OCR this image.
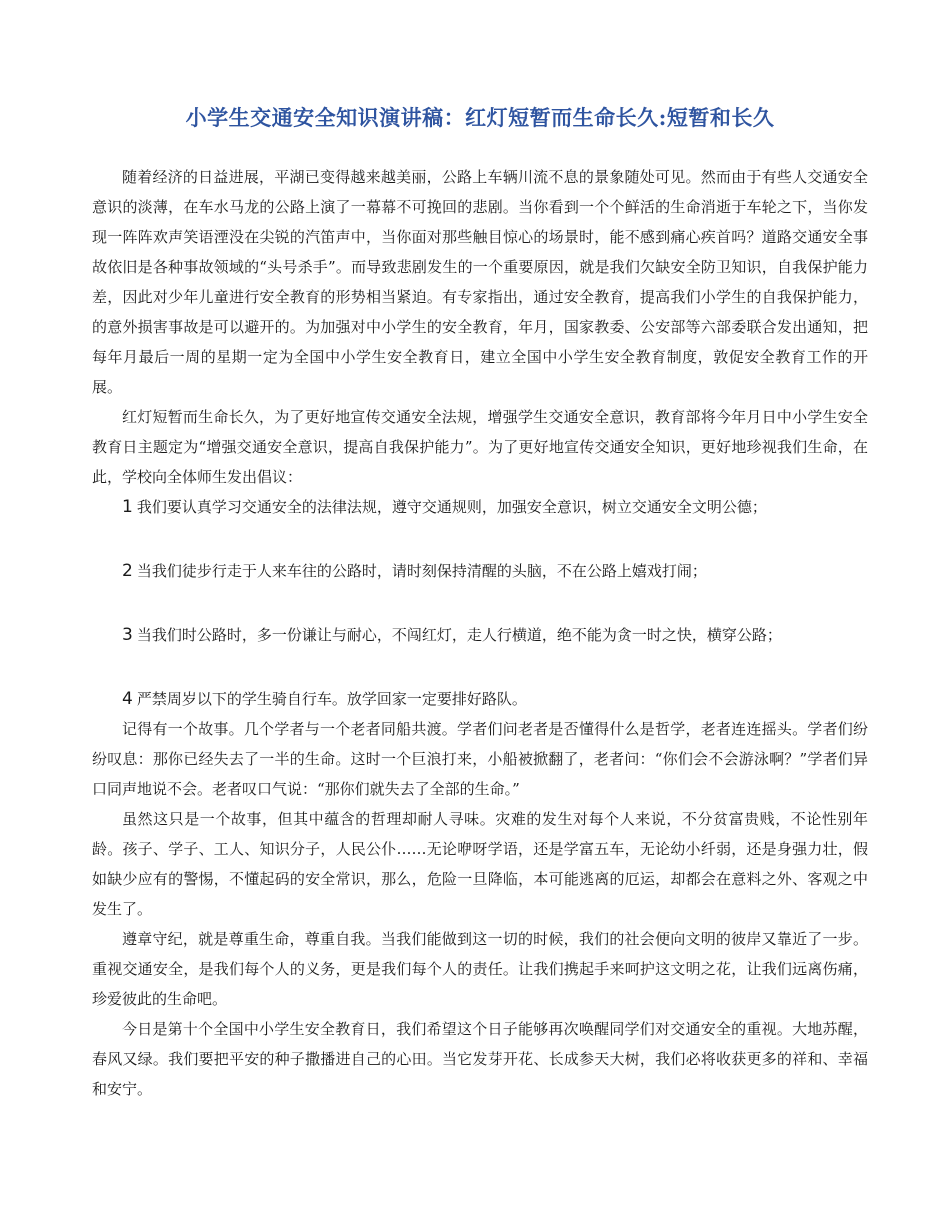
小学生交通安全知识演讲稿：红灯短暂而生命长久:短暂和长久

随着经济的日益进展，平湖已变得越来越美丽，公路上车辆川流不息的景象随处可见。然而由于有些人交通安全意识的淡薄，在车水马龙的公路上演了一幕幕不可挽回的悲剧。当你看到一个个鲜活的生命消逝于车轮之下，当你发现一阵阵欢声笑语湮没在尖锐的汽笛声中，当你面对那些触目惊心的场景时，能不感到痛心疾首吗？道路交通安全事故依旧是各种事故领域的“头号杀手”。而导致悲剧发生的一个重要原因，就是我们欠缺安全防卫知识，自我保护能力差，因此对少年儿童进行安全教育的形势相当紧迫。有专家指出，通过安全教育，提高我们小学生的自我保护能力，的意外损害事故是可以避开的。为加强对中小学生的安全教育，年月，国家教委、公安部等六部委联合发出通知，把每年月最后一周的星期一定为全国中小学生安全教育日，建立全国中小学生安全教育制度，敦促安全教育工作的开展。

红灯短暂而生命长久，为了更好地宣传交通安全法规，增强学生交通安全意识，教育部将今年月日中小学生安全教育日主题定为“增强交通安全意识，提高自我保护能力”。为了更好地宣传交通安全知识，更好地珍视我们生命，在此，学校向全体师生发出倡议：

1 我们要认真学习交通安全的法律法规，遵守交通规则，加强安全意识，树立交通安全文明公德；

2 当我们徒步行走于人来车往的公路时，请时刻保持清醒的头脑，不在公路上嬉戏打闹；

3 当我们时公路时，多一份谦让与耐心，不闯红灯，走人行横道，绝不能为贪一时之快，横穿公路；

4 严禁周岁以下的学生骑自行车。放学回家一定要排好路队。

记得有一个故事。几个学者与一个老者同船共渡。学者们问老者是否懂得什么是哲学，老者连连摇头。学者们纷纷叹息：那你已经失去了一半的生命。这时一个巨浪打来，小船被掀翻了，老者问：“你们会不会游泳啊？”学者们异口同声地说不会。老者叹口气说：“那你们就失去了全部的生命。”

虽然这只是一个故事，但其中蕴含的哲理却耐人寻味。灾难的发生对每个人来说，不分贫富贵贱，不论性别年龄。孩子、学子、工人、知识分子，人民公仆……无论咿呀学语，还是学富五车，无论幼小纤弱，还是身强力壮，假如缺少应有的警惕，不懂起码的安全常识，那么，危险一旦降临，本可能逃离的厄运，却都会在意料之外、客观之中发生了。

遵章守纪，就是尊重生命，尊重自我。当我们能做到这一切的时候，我们的社会便向文明的彼岸又靠近了一步。重视交通安全，是我们每个人的义务，更是我们每个人的责任。让我们携起手来呵护这文明之花，让我们远离伤痛，珍爱彼此的生命吧。

今日是第十个全国中小学生安全教育日，我们希望这个日子能够再次唤醒同学们对交通安全的重视。大地苏醒，春风又绿。我们要把平安的种子撒播进自己的心田。当它发芽开花、长成参天大树，我们必将收获更多的祥和、幸福和安宁。
